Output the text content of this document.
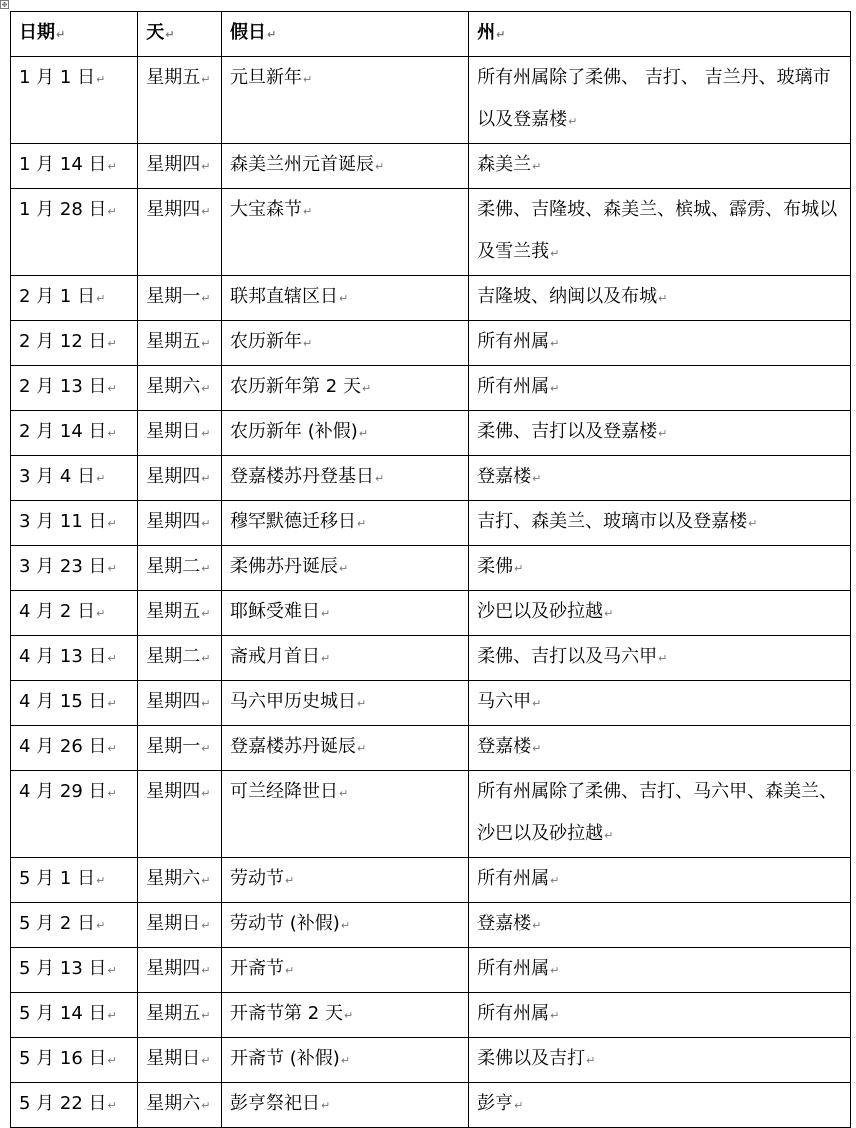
✥
日期↵	天↵	假日↵	州↵
1 月 1 日↵	星期五↵	元旦新年↵	所有州属除了柔佛、 吉打、 吉兰丹、玻璃市以及登嘉楼↵
1 月 14 日↵	星期四↵	森美兰州元首诞辰↵	森美兰↵
1 月 28 日↵	星期四↵	大宝森节↵	柔佛、吉隆坡、森美兰、槟城、霹雳、布城以及雪兰莪↵
2 月 1 日↵	星期一↵	联邦直辖区日↵	吉隆坡、纳闽以及布城↵
2 月 12 日↵	星期五↵	农历新年↵	所有州属↵
2 月 13 日↵	星期六↵	农历新年第 2 天↵	所有州属↵
2 月 14 日↵	星期日↵	农历新年 (补假)↵	柔佛、吉打以及登嘉楼↵
3 月 4 日↵	星期四↵	登嘉楼苏丹登基日↵	登嘉楼↵
3 月 11 日↵	星期四↵	穆罕默德迁移日↵	吉打、森美兰、玻璃市以及登嘉楼↵
3 月 23 日↵	星期二↵	柔佛苏丹诞辰↵	柔佛↵
4 月 2 日↵	星期五↵	耶稣受难日↵	沙巴以及砂拉越↵
4 月 13 日↵	星期二↵	斋戒月首日↵	柔佛、吉打以及马六甲↵
4 月 15 日↵	星期四↵	马六甲历史城日↵	马六甲↵
4 月 26 日↵	星期一↵	登嘉楼苏丹诞辰↵	登嘉楼↵
4 月 29 日↵	星期四↵	可兰经降世日↵	所有州属除了柔佛、吉打、马六甲、森美兰、沙巴以及砂拉越↵
5 月 1 日↵	星期六↵	劳动节↵	所有州属↵
5 月 2 日↵	星期日↵	劳动节 (补假)↵	登嘉楼↵
5 月 13 日↵	星期四↵	开斋节↵	所有州属↵
5 月 14 日↵	星期五↵	开斋节第 2 天↵	所有州属↵
5 月 16 日↵	星期日↵	开斋节 (补假)↵	柔佛以及吉打↵
5 月 22 日↵	星期六↵	彭亨祭祀日↵	彭亨↵
